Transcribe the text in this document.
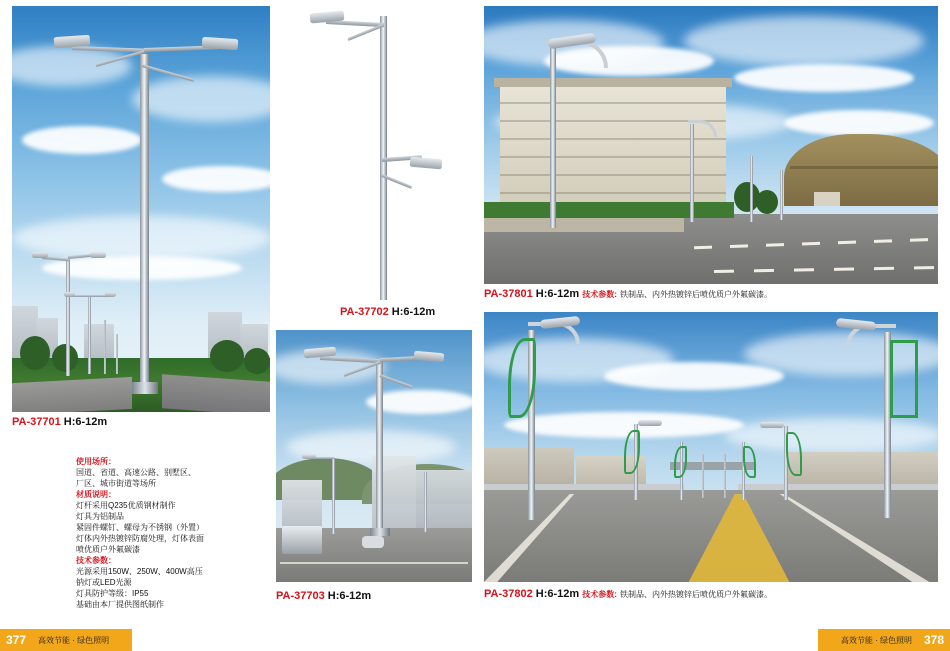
PA-37701 H:6-12m
使用场所：
国道、省道、高速公路、别墅区、
厂区、城市街道等场所
材质说明：
灯杆采用Q235优质钢材制作
灯具为铝制品
紧固件螺钉、螺母为不锈钢（外置）
灯体内外热镀锌防腐处理，灯体表面
喷优质户外氟碳漆
技术参数：
光源采用150W、250W、400W高压
钠灯或LED光源
灯具防护等级：IP55
基础由本厂提供图纸制作
PA-37702 H:6-12m
PA-37703 H:6-12m
PA-37801 H:6-12m 技术参数: 铁制品、内外热镀锌后喷优质户外氟碳漆。
PA-37802 H:6-12m 技术参数: 铁制品、内外热镀锌后喷优质户外氟碳漆。
377	高效节能 · 绿色照明	高效节能 · 绿色照明	378
